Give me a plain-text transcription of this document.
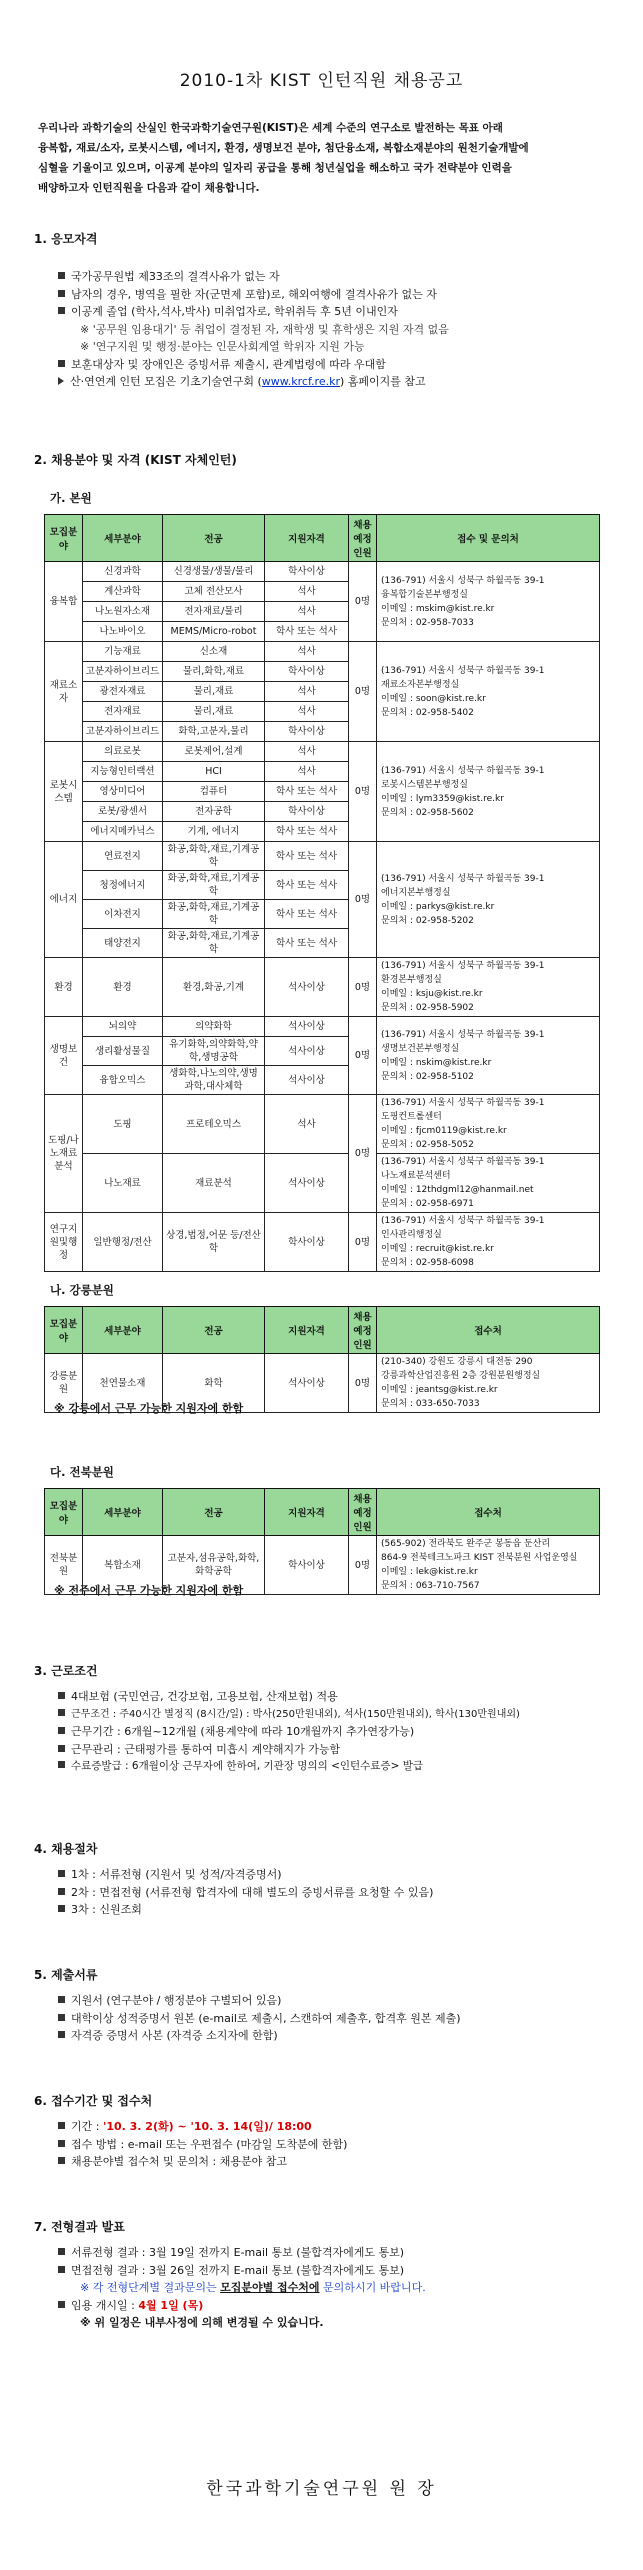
2010-1차 KIST 인턴직원 채용공고
우리나라 과학기술의 산실인 한국과학기술연구원(KIST)은 세계 수준의 연구소로 발전하는 목표 아래
융복합, 재료/소자, 로봇시스템, 에너지, 환경, 생명보건 분야, 첨단융소재, 복합소재분야의 원천기술개발에
심혈을 기울이고 있으며, 이공계 분야의 일자리 공급을 통해 청년실업을 해소하고 국가 전략분야 인력을
배양하고자 인턴직원을 다음과 같이 채용합니다.
1. 응모자격
국가공무원법 제33조의 결격사유가 없는 자
남자의 경우, 병역을 필한 자(군면제 포함)로, 해외여행에 결격사유가 없는 자
이공계 졸업 (학사,석사,박사) 미취업자로, 학위취득 후 5년 이내인자
※ '공무원 임용대기' 등 취업이 결정된 자, 재학생 및 휴학생은 지원 자격 없음
※ '연구지원 및 행정·분야는 인문사회계열 학위자 지원 가능
보훈대상자 및 장애인은 증빙서류 제출시, 관계법령에 따라 우대함
산·연연계 인턴 모집은 기초기술연구회 (www.krcf.re.kr) 홈페이지를 참고
2. 채용분야 및 자격 (KIST 자체인턴)
가. 본원
모집분야	세부분야	전공	지원자격	채용예정인원	접수 및 문의처
융복합	신경과학	신경생물/생물/물리	학사이상	0명	(136-791) 서울시 성북구 하월곡동 39-1
융복합기술본부행정실
이메일 : mskim@kist.re.kr
문의처 : 02-958-7033

	계산과학	고체 전산모사	석사		
	나노원자소재	전자재료/물리	석사		
	나노바이오	MEMS/Micro-robot	학사 또는 석사		
재료소자	기능재료	신소재	석사	0명	(136-791) 서울시 성북구 하월곡동 39-1
재료소자본부행정실
이메일 : soon@kist.re.kr
문의처 : 02-958-5402

	고분자하이브리드	물리,화학,재료	학사이상		
	광전자재료	물리,재료	석사		
	전자재료	물리,재료	석사		
	고분자하이브리드	화학,고분자,물리	학사이상		
로봇시스템	의료로봇	로봇제어,설계	석사	0명	(136-791) 서울시 성북구 하월곡동 39-1
로봇시스템본부행정실
이메일 : lym3359@kist.re.kr
문의처 : 02-958-5602

	지능형인터랙션	HCI	석사		
	영상미디어	컴퓨터	학사 또는 석사		
	로봇/광센서	전자공학	학사이상		
	에너지메카닉스	기계, 에너지	학사 또는 석사		
에너지	연료전지	화공,화학,재료,기계공학	학사 또는 석사	0명	(136-791) 서울시 성북구 하월곡동 39-1
에너지본부행정실
이메일 : parkys@kist.re.kr
문의처 : 02-958-5202

	청정에너지	화공,화학,재료,기계공학	학사 또는 석사		
	이차전지	화공,화학,재료,기계공학	학사 또는 석사		
	태양전지	화공,화학,재료,기계공학	학사 또는 석사		
환경	환경	환경,화공,기계	석사이상	0명	(136-791) 서울시 성북구 하월곡동 39-1
환경본부행정실
이메일 : ksju@kist.re.kr
문의처 : 02-958-5902

생명보건	뇌의약	의약화학	석사이상	0명	(136-791) 서울시 성북구 하월곡동 39-1
생명보건본부행정실
이메일 : nskim@kist.re.kr
문의처 : 02-958-5102

	생리활성물질	유기화학,의약화학,약학,생명공학	석사이상		
	융합오믹스	생화학,나노의약,생명과학,대사체학	석사이상		
도핑/나노재료분석	도핑	프로테오믹스	석사	0명	(136-791) 서울시 성북구 하월곡동 39-1
도핑컨트롤센터
이메일 : fjcm0119@kist.re.kr
문의처 : 02-958-5052

	나노재료	재료분석	석사이상		(136-791) 서울시 성북구 하월곡동 39-1
나노재료분석센터
이메일 : 12thdgml12@hanmail.net
문의처 : 02-958-6971

연구지원및행정	일반행정/전산	상경,법정,어문 등/전산학	학사이상	0명	(136-791) 서울시 성북구 하월곡동 39-1
인사관리행정실
이메일 : recruit@kist.re.kr
문의처 : 02-958-6098
나. 강릉분원
모집분야	세부분야	전공	지원자격	채용예정인원	접수처
강릉분원	천연물소재	화학	석사이상	0명	(210-340) 강원도 강릉시 대전동 290
강릉과학산업진흥원 2층 강원분원행정실
이메일 : jeantsg@kist.re.kr
문의처 : 033-650-7033
※ 강릉에서 근무 가능한 지원자에 한함
다. 전북분원
모집분야	세부분야	전공	지원자격	채용예정인원	접수처
전북분원	복합소재	고분자,섬유공학,화학,화학공학	학사이상	0명	(565-902) 전라북도 완주군 봉동읍 둔산리
864-9 전북테크노파크 KIST 전북분원 사업운영실
이메일 : lek@kist.re.kr
문의처 : 063-710-7567
※ 전주에서 근무 가능한 지원자에 한함
3. 근로조건
4대보험 (국민연금, 건강보험, 고용보험, 산재보험) 적용
근무조건 : 주40시간 별정직 (8시간/일) : 박사(250만원내외), 석사(150만원내외), 학사(130만원내외)
근무기간 : 6개월~12개월 (채용계약에 따라 10개월까지 추가연장가능)
근무관리 : 근태평가를 통하여 미흡시 계약해지가 가능함
수료증발급 : 6개월이상 근무자에 한하여, 기관장 명의의 <인턴수료증> 발급
4. 채용절차
1차 : 서류전형 (지원서 및 성적/자격증명서)
2차 : 면접전형 (서류전형 합격자에 대해 별도의 증빙서류를 요청할 수 있음)
3차 : 신원조회
5. 제출서류
지원서 (연구분야 / 행정분야 구별되어 있음)
대학이상 성적증명서 원본 (e-mail로 제출시, 스캔하여 제출후, 합격후 원본 제출)
자격증 증명서 사본 (자격증 소지자에 한함)
6. 접수기간 및 접수처
기간 : '10. 3. 2(화) ~ '10. 3. 14(일)/ 18:00
접수 방법 : e-mail 또는 우편접수 (마감일 도착분에 한함)
채용분야별 접수처 및 문의처 : 채용분야 참고
7. 전형결과 발표
서류전형 결과 : 3월 19일 전까지 E-mail 통보 (불합격자에게도 통보)
면접전형 결과 : 3월 26일 전까지 E-mail 통보 (불합격자에게도 통보)
※ 각 전형단계별 결과문의는 모집분야별 접수처에 문의하시기 바랍니다.
임용 개시일 : 4월 1일 (목)
※ 위 일정은 내부사정에 의해 변경될 수 있습니다.
한국과학기술연구원 원 장
